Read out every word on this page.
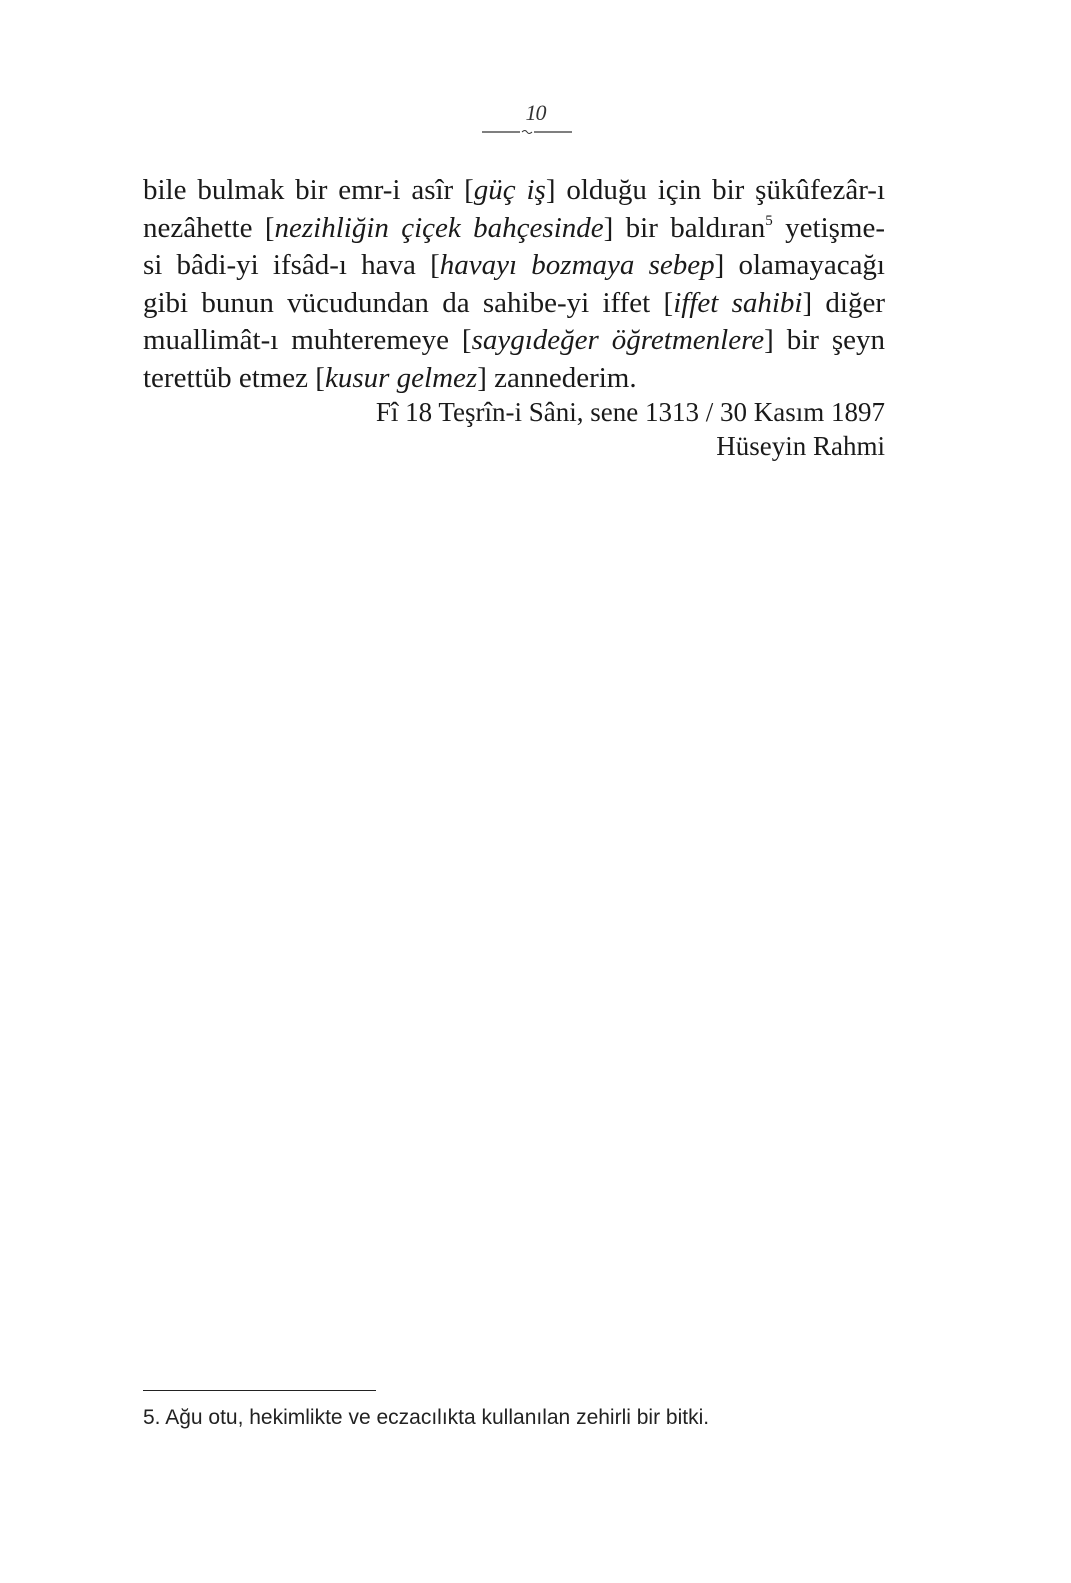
10
bile bulmak bir emr-i asîr [güç iş] olduğu için bir şükûfezâr-ı
nezâhette [nezihliğin çiçek bahçesinde] bir baldıran$^5$ yetişme-
si bâdi-yi ifsâd-ı hava [havayı bozmaya sebep] olamayacağı
gibi bunun vücudundan da sahibe-yi iffet [iffet sahibi] diğer
muallimât-ı muhteremeye [saygıdeğer öğretmenlere] bir şeyn
terettüb etmez [kusur gelmez] zannederim.
Fî 18 Teşrîn-i Sâni, sene 1313 / 30 Kasım 1897
Hüseyin Rahmi
5. Ağu otu, hekimlikte ve eczacılıkta kullanılan zehirli bir bitki.
